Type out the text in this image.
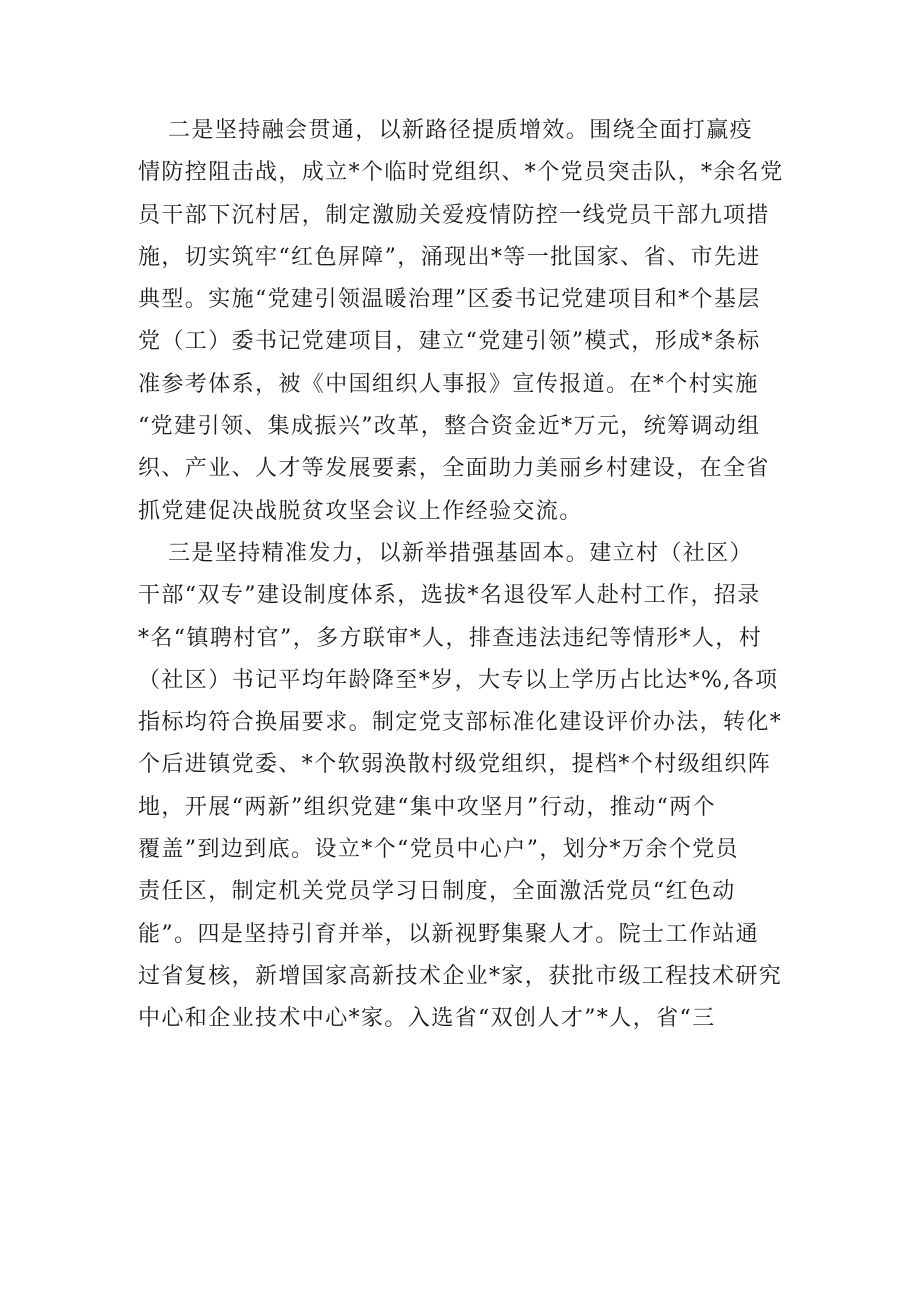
二是坚持融会贯通，以新路径提质增效。围绕全面打赢疫
情防控阻击战，成立*个临时党组织、*个党员突击队，*余名党
员干部下沉村居，制定激励关爱疫情防控一线党员干部九项措
施，切实筑牢“红色屏障”，涌现出*等一批国家、省、市先进
典型。实施“党建引领温暖治理”区委书记党建项目和*个基层
党（工）委书记党建项目，建立“党建引领”模式，形成*条标
准参考体系，被《中国组织人事报》宣传报道。在*个村实施
“党建引领、集成振兴”改革，整合资金近*万元，统筹调动组
织、产业、人才等发展要素，全面助力美丽乡村建设，在全省
抓党建促决战脱贫攻坚会议上作经验交流。
三是坚持精准发力，以新举措强基固本。建立村（社区）
干部“双专”建设制度体系，选拔*名退役军人赴村工作，招录
*名“镇聘村官”，多方联审*人，排查违法违纪等情形*人，村
（社区）书记平均年龄降至*岁，大专以上学历占比达*%,各项
指标均符合换届要求。制定党支部标准化建设评价办法，转化*
个后进镇党委、*个软弱涣散村级党组织，提档*个村级组织阵
地，开展“两新”组织党建“集中攻坚月”行动，推动“两个
覆盖”到边到底。设立*个“党员中心户”，划分*万余个党员
责任区，制定机关党员学习日制度，全面激活党员“红色动
能”。四是坚持引育并举，以新视野集聚人才。院士工作站通
过省复核，新增国家高新技术企业*家，获批市级工程技术研究
中心和企业技术中心*家。入选省“双创人才”*人，省“三
